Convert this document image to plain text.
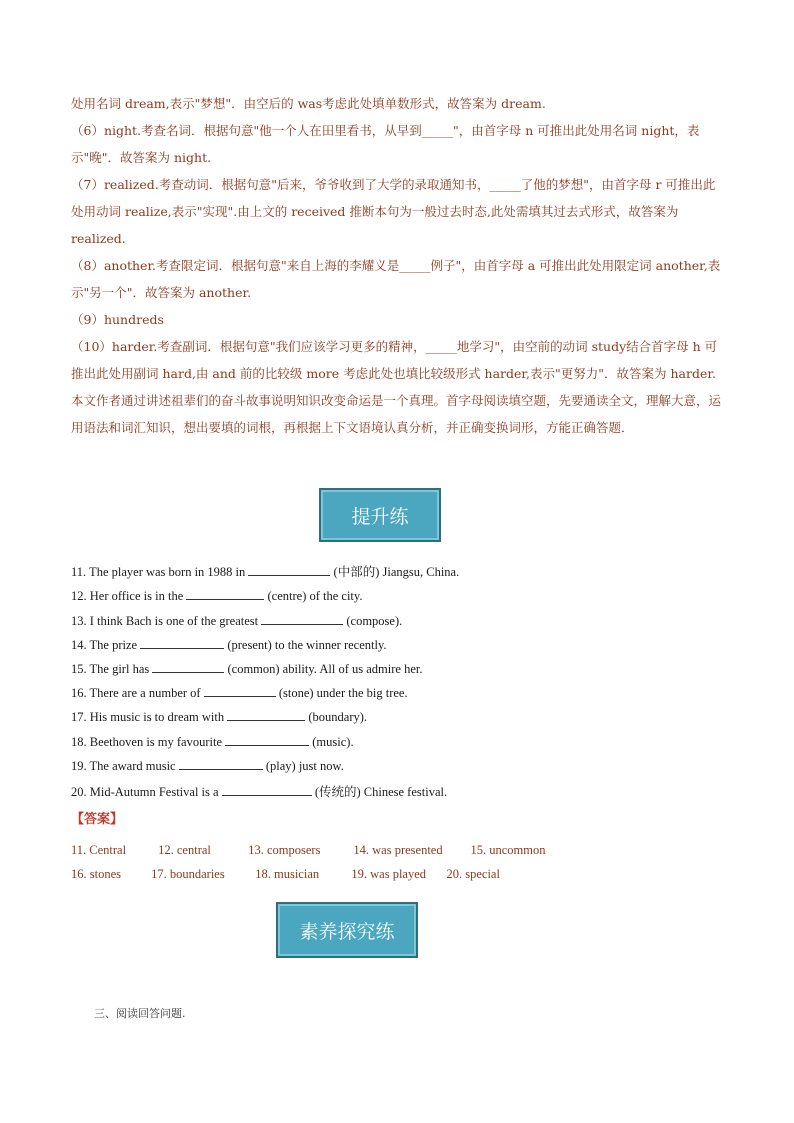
处用名词 dream,表示"梦想"．由空后的 was考虑此处填单数形式，故答案为 dream.

（6）night.考查名词．根据句意"他一个人在田里看书，从早到_____"，由首字母 n 可推出此处用名词 night，表示"晚"．故答案为 night.

（7）realized.考查动词．根据句意"后来，爷爷收到了大学的录取通知书，_____了他的梦想"，由首字母 r 可推出此处用动词 realize,表示"实现".由上文的 received 推断本句为一般过去时态,此处需填其过去式形式，故答案为 realized.

（8）another.考查限定词．根据句意"来自上海的李耀义是_____例子"，由首字母 a 可推出此处用限定词 another,表示"另一个"．故答案为 another.

（9）hundreds

（10）harder.考查副词．根据句意"我们应该学习更多的精神，_____地学习"，由空前的动词 study结合首字母 h 可推出此处用副词 hard,由 and 前的比较级 more 考虑此处也填比较级形式 harder,表示"更努力"．故答案为 harder.本文作者通过讲述祖辈们的奋斗故事说明知识改变命运是一个真理。首字母阅读填空题，先要通读全文，理解大意，运用语法和词汇知识，想出要填的词根，再根据上下文语境认真分析，并正确变换词形，方能正确答题．

提升练
11. The player was born in 1988 in	(中部的) Jiangsu, China.
12. Her office is in the	(centre) of the city.
13. I think Bach is one of the greatest	(compose).
14. The prize	(present) to the winner recently.
15. The girl has	(common) ability. All of us admire her.
16. There are a number of	(stone) under the big tree.
17. His music is to dream with	(boundary).
18. Beethoven is my favourite	(music).
19. The award music	(play) just now.
20. Mid-Autumn Festival is a	(传统的) Chinese festival.
【答案】
11. Central	12. central	13. composers	14. was presented 15. uncommon
16. stones 17. boundaries 18. musician	19. was played 20. special
素养探究练
三、阅读回答问题.
